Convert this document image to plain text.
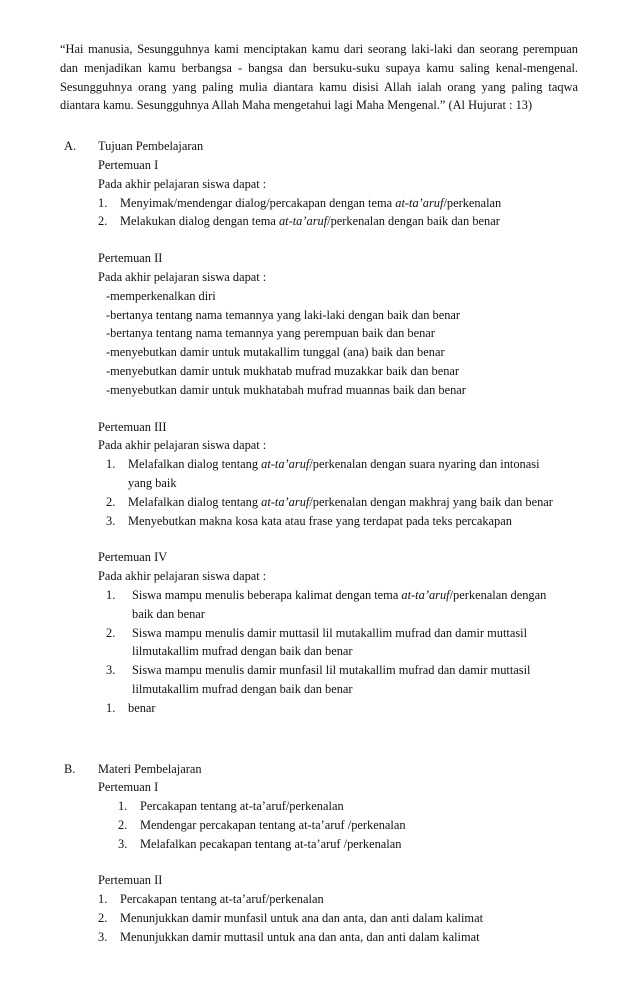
“Hai manusia, Sesungguhnya kami menciptakan kamu dari seorang laki-laki dan seorang perempuan dan menjadikan kamu berbangsa - bangsa dan bersuku-suku supaya kamu saling kenal-mengenal. Sesungguhnya orang yang paling mulia diantara kamu disisi Allah ialah orang yang paling taqwa diantara kamu. Sesungguhnya Allah Maha mengetahui lagi Maha Mengenal.” (Al Hujurat : 13)

A.	Tujuan Pembelajaran
Pertemuan I
Pada akhir pelajaran siswa dapat :
1.	Menyimak/mendengar dialog/percakapan dengan tema at-ta’aruf/perkenalan
2.	Melakukan dialog dengan tema at-ta’aruf/perkenalan dengan baik dan benar
Pertemuan II
Pada akhir pelajaran siswa dapat :
-memperkenalkan diri
-bertanya tentang nama temannya yang laki-laki dengan baik dan benar
-bertanya tentang nama temannya yang perempuan baik dan benar
-menyebutkan damir untuk mutakallim tunggal (ana) baik dan benar
-menyebutkan damir untuk mukhatab mufrad muzakkar baik dan benar
-menyebutkan damir untuk mukhatabah mufrad muannas baik dan benar
Pertemuan III
Pada akhir pelajaran siswa dapat :
1.	Melafalkan dialog tentang at-ta’aruf/perkenalan dengan suara nyaring dan intonasi
yang baik
2.	Melafalkan dialog tentang at-ta’aruf/perkenalan dengan makhraj yang baik dan benar
3.	Menyebutkan makna kosa kata atau frase yang terdapat pada teks percakapan
Pertemuan IV
Pada akhir pelajaran siswa dapat :
1.	Siswa mampu menulis beberapa kalimat dengan tema at-ta’aruf/perkenalan dengan
baik dan benar
2.	Siswa mampu menulis damir muttasil lil mutakallim mufrad dan damir muttasil
lilmutakallim mufrad dengan baik dan benar
3.	Siswa mampu menulis damir munfasil lil mutakallim mufrad dan damir muttasil
lilmutakallim mufrad dengan baik dan benar
1.	benar
B.	Materi Pembelajaran
Pertemuan I
1.	Percakapan tentang at-ta’aruf/perkenalan
2.	Mendengar percakapan tentang at-ta’aruf /perkenalan
3.	Melafalkan pecakapan tentang at-ta’aruf /perkenalan
Pertemuan II
1.	Percakapan tentang at-ta’aruf/perkenalan
2.	Menunjukkan damir munfasil untuk ana dan anta, dan anti dalam kalimat
3.	Menunjukkan damir muttasil untuk ana dan anta, dan anti dalam kalimat
